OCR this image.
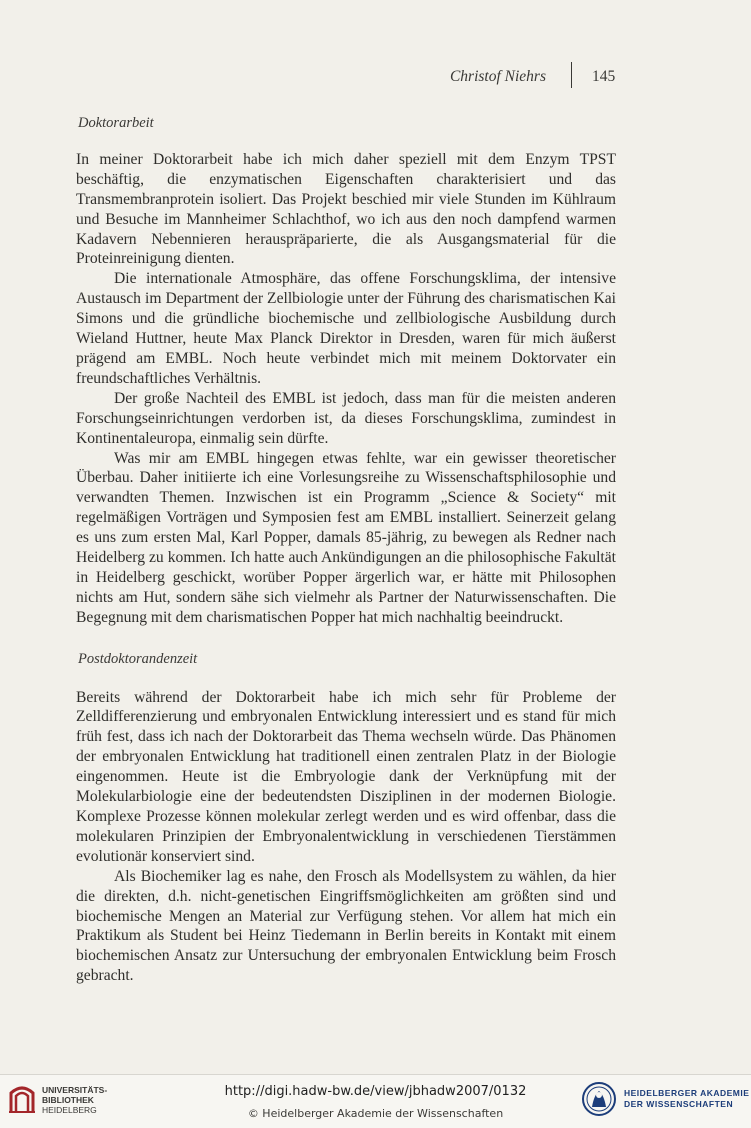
Christof Niehrs	145
Doktorarbeit

In meiner Doktorarbeit habe ich mich daher speziell mit dem Enzym TPST beschäftig, die enzymatischen Eigenschaften charakterisiert und das Transmembranprotein isoliert. Das Projekt beschied mir viele Stunden im Kühlraum und Besuche im Mannheimer Schlachthof, wo ich aus den noch dampfend warmen Kadavern Nebennieren herauspräparierte, die als Ausgangsmaterial für die Proteinreinigung dienten.

Die internationale Atmosphäre, das offene Forschungsklima, der intensive Austausch im Department der Zellbiologie unter der Führung des charismatischen Kai Simons und die gründliche biochemische und zellbiologische Ausbildung durch Wieland Huttner, heute Max Planck Direktor in Dresden, waren für mich äußerst prägend am EMBL. Noch heute verbindet mich mit meinem Doktorvater ein freundschaftliches Verhältnis.

Der große Nachteil des EMBL ist jedoch, dass man für die meisten anderen Forschungseinrichtungen verdorben ist, da dieses Forschungsklima, zumindest in Kontinentaleuropa, einmalig sein dürfte.

Was mir am EMBL hingegen etwas fehlte, war ein gewisser theoretischer Überbau. Daher initiierte ich eine Vorlesungsreihe zu Wissenschaftsphilosophie und verwandten Themen. Inzwischen ist ein Programm „Science & Society“ mit regelmäßigen Vorträgen und Symposien fest am EMBL installiert. Seinerzeit gelang es uns zum ersten Mal, Karl Popper, damals 85-jährig, zu bewegen als Redner nach Heidelberg zu kommen. Ich hatte auch Ankündigungen an die philosophische Fakultät in Heidelberg geschickt, worüber Popper ärgerlich war, er hätte mit Philosophen nichts am Hut, sondern sähe sich vielmehr als Partner der Naturwissenschaften. Die Begegnung mit dem charismatischen Popper hat mich nachhaltig beeindruckt.

Postdoktorandenzeit

Bereits während der Doktorarbeit habe ich mich sehr für Probleme der Zelldifferenzierung und embryonalen Entwicklung interessiert und es stand für mich früh fest, dass ich nach der Doktorarbeit das Thema wechseln würde. Das Phänomen der embryonalen Entwicklung hat traditionell einen zentralen Platz in der Biologie eingenommen. Heute ist die Embryologie dank der Verknüpfung mit der Molekularbiologie eine der bedeutendsten Disziplinen in der modernen Biologie. Komplexe Prozesse können molekular zerlegt werden und es wird offenbar, dass die molekularen Prinzipien der Embryonalentwicklung in verschiedenen Tierstämmen evolutionär konserviert sind.

Als Biochemiker lag es nahe, den Frosch als Modellsystem zu wählen, da hier die direkten, d.h. nicht-genetischen Eingriffsmöglichkeiten am größten sind und biochemische Mengen an Material zur Verfügung stehen. Vor allem hat mich ein Praktikum als Student bei Heinz Tiedemann in Berlin bereits in Kontakt mit einem biochemischen Ansatz zur Untersuchung der embryonalen Entwicklung beim Frosch gebracht.

UNIVERSITÄTS-
BIBLIOTHEK
HEIDELBERG
http://digi.hadw-bw.de/view/jbhadw2007/0132
© Heidelberger Akademie der Wissenschaften
HEIDELBERGER AKADEMIE
DER WISSENSCHAFTEN
